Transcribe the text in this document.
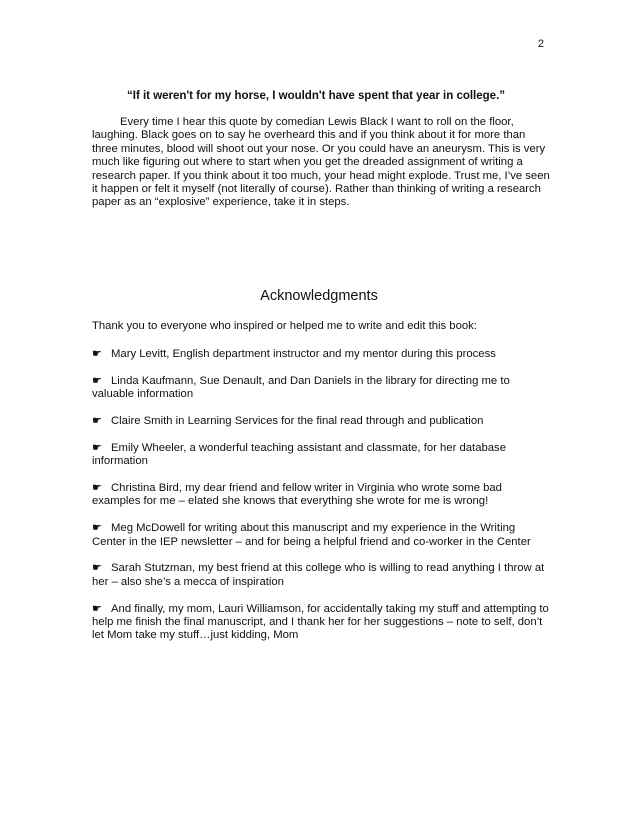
2
“If it weren't for my horse, I wouldn't have spent that year in college.”

Every time I hear this quote by comedian Lewis Black I want to roll on the floor, laughing. Black goes on to say he overheard this and if you think about it for more than three minutes, blood will shoot out your nose. Or you could have an aneurysm. This is very much like figuring out where to start when you get the dreaded assignment of writing a research paper. If you think about it too much, your head might explode. Trust me, I’ve seen it happen or felt it myself (not literally of course). Rather than thinking of writing a research paper as an “explosive” experience, take it in steps.

Acknowledgments

Thank you to everyone who inspired or helped me to write and edit this book:

☛ Mary Levitt, English department instructor and my mentor during this process
☛ Linda Kaufmann, Sue Denault, and Dan Daniels in the library for directing me to valuable information
☛ Claire Smith in Learning Services for the final read through and publication
☛ Emily Wheeler, a wonderful teaching assistant and classmate, for her database information
☛ Christina Bird, my dear friend and fellow writer in Virginia who wrote some bad examples for me – elated she knows that everything she wrote for me is wrong!
☛ Meg McDowell for writing about this manuscript and my experience in the Writing Center in the IEP newsletter – and for being a helpful friend and co-worker in the Center
☛ Sarah Stutzman, my best friend at this college who is willing to read anything I throw at her – also she’s a mecca of inspiration
☛ And finally, my mom, Lauri Williamson, for accidentally taking my stuff and attempting to help me finish the final manuscript, and I thank her for her suggestions – note to self, don’t let Mom take my stuff…just kidding, Mom
